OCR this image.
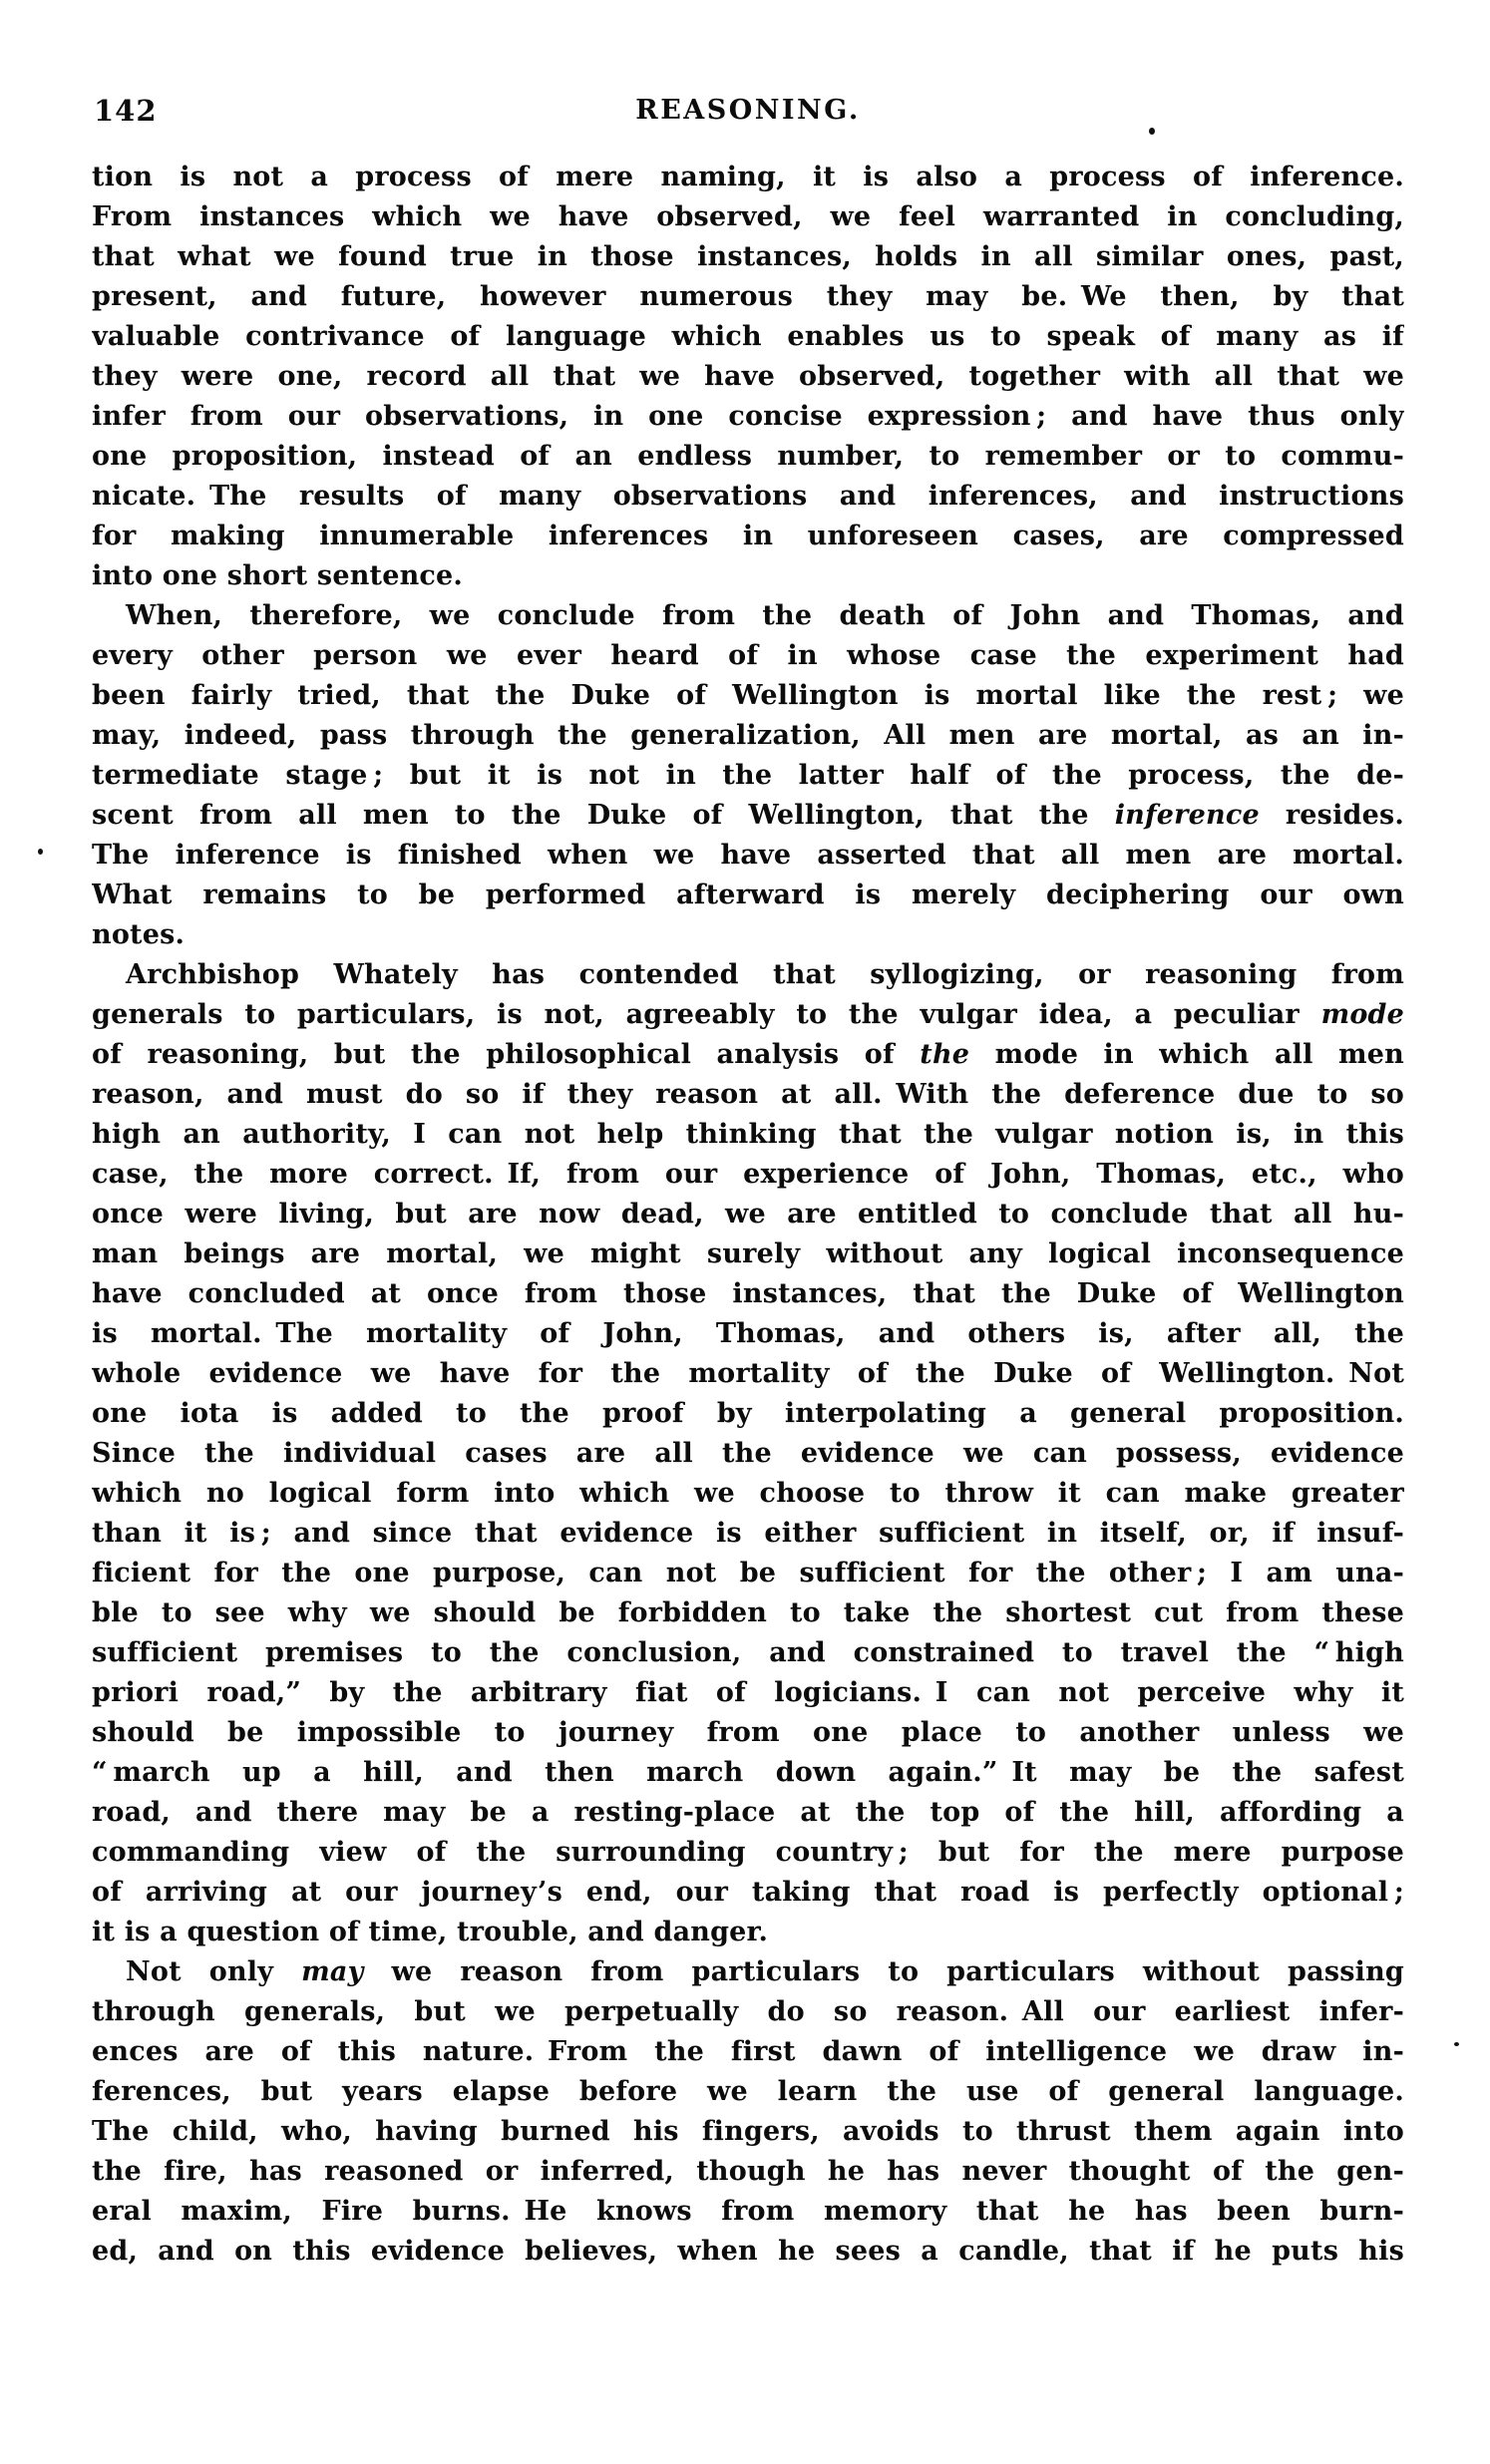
142	REASONING.
tion is not a process of mere naming, it is also a process of inference.
From instances which we have observed, we feel warranted in concluding,
that what we found true in those instances, holds in all similar ones, past,
present, and future, however numerous they may be. We then, by that
valuable contrivance of language which enables us to speak of many as if
they were one, record all that we have observed, together with all that we
infer from our observations, in one concise expression ; and have thus only
one proposition, instead of an endless number, to remember or to commu-
nicate. The results of many observations and inferences, and instructions
for making innumerable inferences in unforeseen cases, are compressed
into one short sentence.
When, therefore, we conclude from the death of John and Thomas, and
every other person we ever heard of in whose case the experiment had
been fairly tried, that the Duke of Wellington is mortal like the rest ; we
may, indeed, pass through the generalization, All men are mortal, as an in-
termediate stage ; but it is not in the latter half of the process, the de-
scent from all men to the Duke of Wellington, that the inference resides.
The inference is finished when we have asserted that all men are mortal.
What remains to be performed afterward is merely deciphering our own
notes.
Archbishop Whately has contended that syllogizing, or reasoning from
generals to particulars, is not, agreeably to the vulgar idea, a peculiar mode
of reasoning, but the philosophical analysis of the mode in which all men
reason, and must do so if they reason at all. With the deference due to so
high an authority, I can not help thinking that the vulgar notion is, in this
case, the more correct. If, from our experience of John, Thomas, etc., who
once were living, but are now dead, we are entitled to conclude that all hu-
man beings are mortal, we might surely without any logical inconsequence
have concluded at once from those instances, that the Duke of Wellington
is mortal. The mortality of John, Thomas, and others is, after all, the
whole evidence we have for the mortality of the Duke of Wellington. Not
one iota is added to the proof by interpolating a general proposition.
Since the individual cases are all the evidence we can possess, evidence
which no logical form into which we choose to throw it can make greater
than it is ; and since that evidence is either sufficient in itself, or, if insuf-
ficient for the one purpose, can not be sufficient for the other ; I am una-
ble to see why we should be forbidden to take the shortest cut from these
sufficient premises to the conclusion, and constrained to travel the “ high
priori road,” by the arbitrary fiat of logicians. I can not perceive why it
should be impossible to journey from one place to another unless we
“ march up a hill, and then march down again.” It may be the safest
road, and there may be a resting-place at the top of the hill, affording a
commanding view of the surrounding country ; but for the mere purpose
of arriving at our journey’s end, our taking that road is perfectly optional ;
it is a question of time, trouble, and danger.
Not only may we reason from particulars to particulars without passing
through generals, but we perpetually do so reason. All our earliest infer-
ences are of this nature. From the first dawn of intelligence we draw in-
ferences, but years elapse before we learn the use of general language.
The child, who, having burned his fingers, avoids to thrust them again into
the fire, has reasoned or inferred, though he has never thought of the gen-
eral maxim, Fire burns. He knows from memory that he has been burn-
ed, and on this evidence believes, when he sees a candle, that if he puts his
